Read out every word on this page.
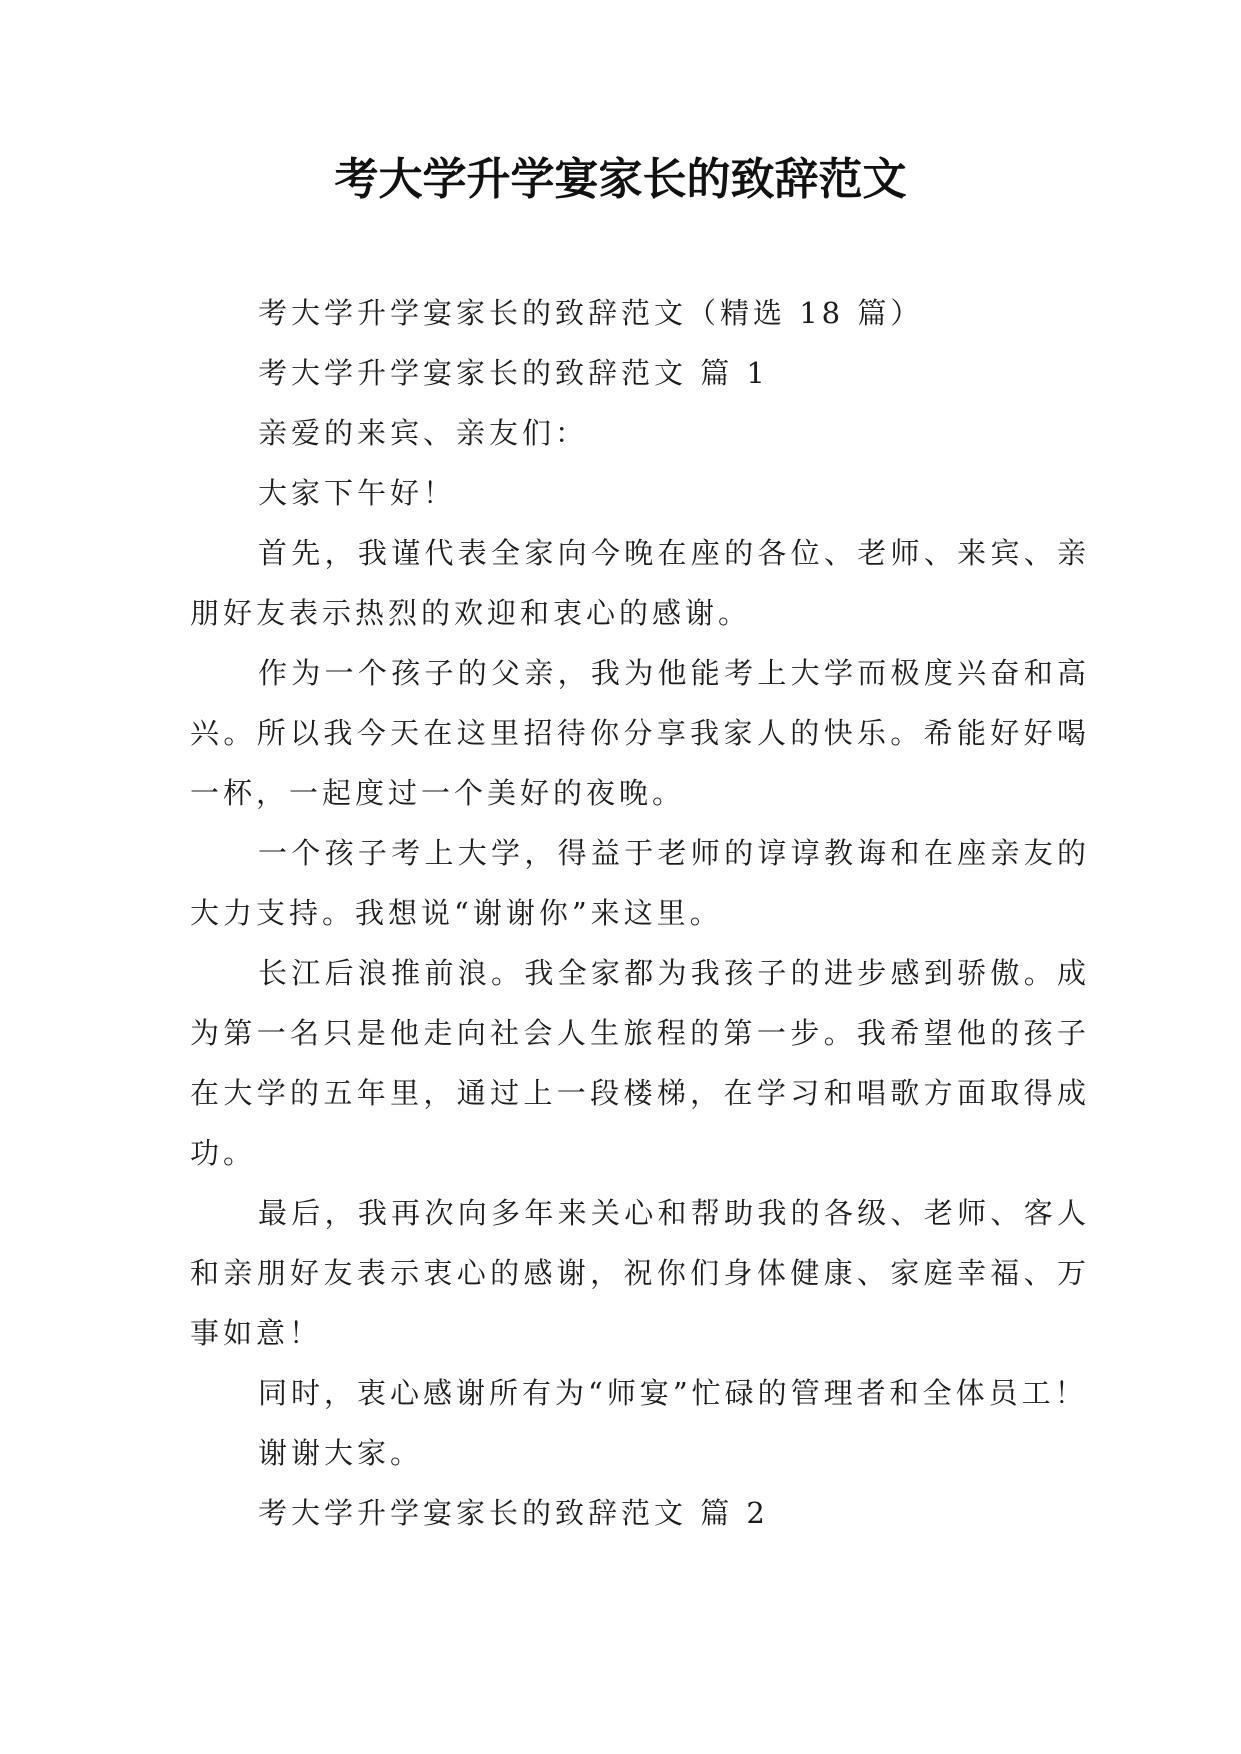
考大学升学宴家长的致辞范文

考大学升学宴家长的致辞范文（精选 18 篇）

考大学升学宴家长的致辞范文 篇 1

亲爱的来宾、亲友们：

大家下午好！

首先，我谨代表全家向今晚在座的各位、老师、来宾、亲朋好友表示热烈的欢迎和衷心的感谢。

作为一个孩子的父亲，我为他能考上大学而极度兴奋和高兴。所以我今天在这里招待你分享我家人的快乐。希能好好喝一杯，一起度过一个美好的夜晚。

一个孩子考上大学，得益于老师的谆谆教诲和在座亲友的大力支持。我想说“谢谢你”来这里。

长江后浪推前浪。我全家都为我孩子的进步感到骄傲。成为第一名只是他走向社会人生旅程的第一步。我希望他的孩子在大学的五年里，通过上一段楼梯，在学习和唱歌方面取得成功。

最后，我再次向多年来关心和帮助我的各级、老师、客人和亲朋好友表示衷心的感谢，祝你们身体健康、家庭幸福、万事如意！

同时，衷心感谢所有为“师宴”忙碌的管理者和全体员工！

谢谢大家。

考大学升学宴家长的致辞范文 篇 2
